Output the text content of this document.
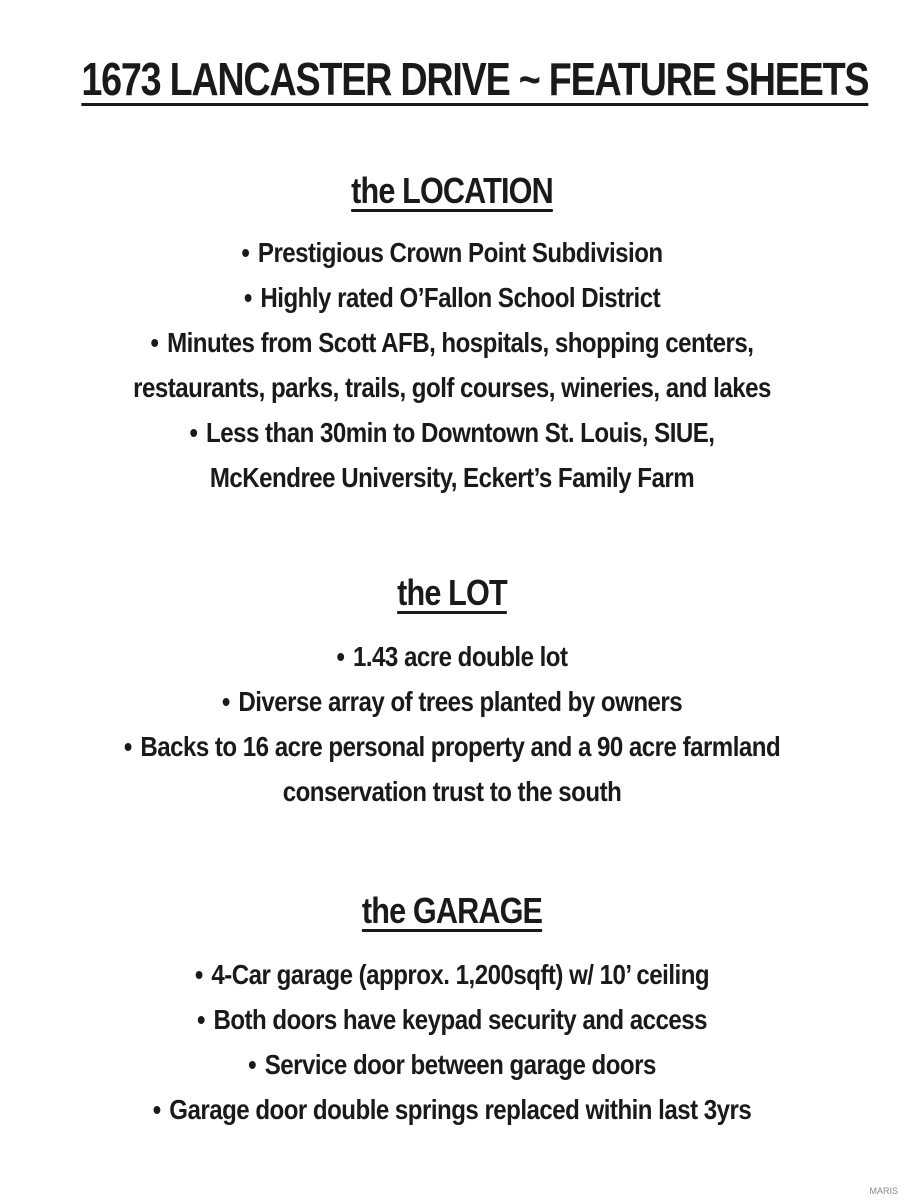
1673 LANCASTER DRIVE ~ FEATURE SHEETS
the LOCATION
• Prestigious Crown Point Subdivision
• Highly rated O’Fallon School District
• Minutes from Scott AFB, hospitals, shopping centers,
restaurants, parks, trails, golf courses, wineries, and lakes
• Less than 30min to Downtown St. Louis, SIUE,
McKendree University, Eckert’s Family Farm
the LOT
• 1.43 acre double lot
• Diverse array of trees planted by owners
• Backs to 16 acre personal property and a 90 acre farmland
conservation trust to the south
the GARAGE
• 4-Car garage (approx. 1,200sqft) w/ 10’ ceiling
• Both doors have keypad security and access
• Service door between garage doors
• Garage door double springs replaced within last 3yrs
MARIS
